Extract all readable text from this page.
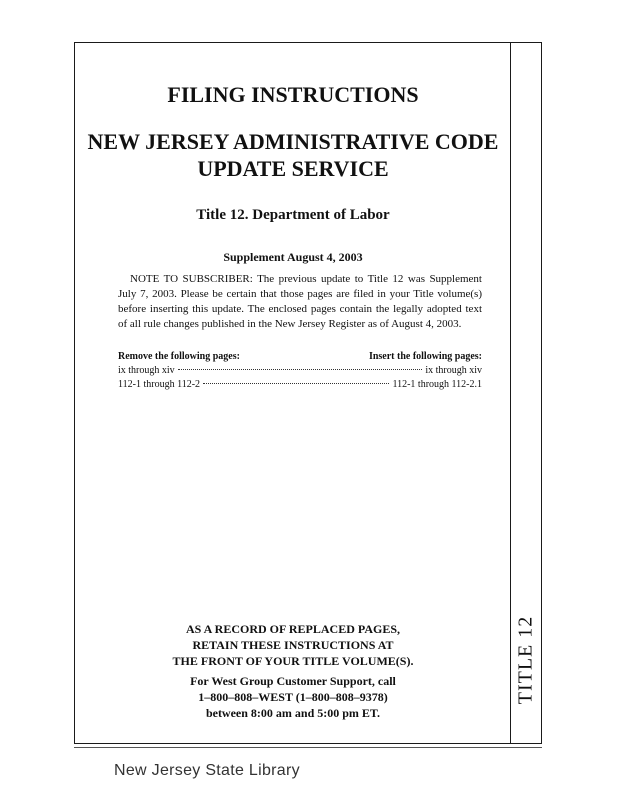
TITLE 12
FILING INSTRUCTIONS
NEW JERSEY ADMINISTRATIVE CODE
UPDATE SERVICE
Title 12. Department of Labor
Supplement August 4, 2003

NOTE TO SUBSCRIBER: The previous update to Title 12 was Supplement July 7, 2003. Please be certain that those pages are filed in your Title volume(s) before inserting this update. The enclosed pages contain the legally adopted text of all rule changes published in the New Jersey Register as of August 4, 2003.

Remove the following pages:	Insert the following pages:
ix through xiv	ix through xiv
112-1 through 112-2	112-1 through 112-2.1
AS A RECORD OF REPLACED PAGES,
RETAIN THESE INSTRUCTIONS AT
THE FRONT OF YOUR TITLE VOLUME(S).
For West Group Customer Support, call
1–800–808–WEST (1–800–808–9378)
between 8:00 am and 5:00 pm ET.
New Jersey State Library
